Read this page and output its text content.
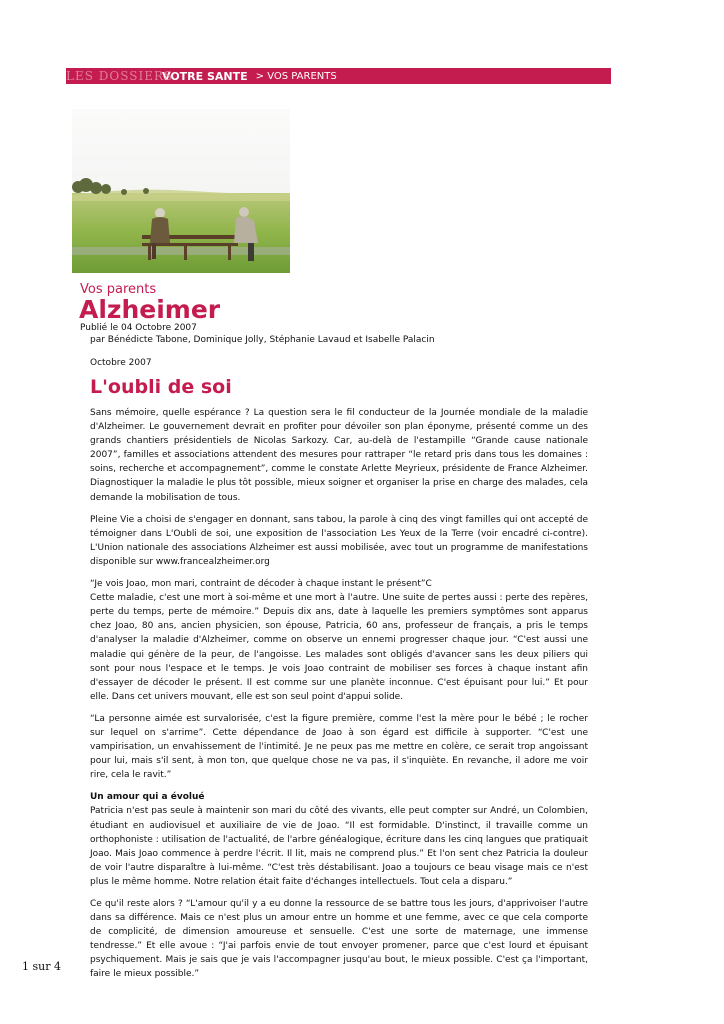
LES DOSSIERS
VOTRE SANTE > VOS PARENTS
Vos parents
Alzheimer
Publié le 04 Octobre 2007
par Bénédicte Tabone, Dominique Jolly, Stéphanie Lavaud et Isabelle Palacin
Octobre 2007
L'oubli de soi

Sans mémoire, quelle espérance ? La question sera le fil conducteur de la Journée mondiale de la maladie d'Alzheimer. Le gouvernement devrait en profiter pour dévoiler son plan éponyme, présenté comme un des grands chantiers présidentiels de Nicolas Sarkozy. Car, au-delà de l'estampille “Grande cause nationale 2007”, familles et associations attendent des mesures pour rattraper “le retard pris dans tous les domaines : soins, recherche et accompagnement”, comme le constate Arlette Meyrieux, présidente de France Alzheimer. Diagnostiquer la maladie le plus tôt possible, mieux soigner et organiser la prise en charge des malades, cela demande la mobilisation de tous.

Pleine Vie a choisi de s'engager en donnant, sans tabou, la parole à cinq des vingt familles qui ont accepté de témoigner dans L'Oubli de soi, une exposition de l'association Les Yeux de la Terre (voir encadré ci-contre). L'Union nationale des associations Alzheimer est aussi mobilisée, avec tout un programme de manifestations disponible sur www.francealzheimer.org

“Je vois Joao, mon mari, contraint de décoder à chaque instant le présent”C

Cette maladie, c'est une mort à soi-même et une mort à l'autre. Une suite de pertes aussi : perte des repères, perte du temps, perte de mémoire.” Depuis dix ans, date à laquelle les premiers symptômes sont apparus chez Joao, 80 ans, ancien physicien, son épouse, Patricia, 60 ans, professeur de français, a pris le temps d'analyser la maladie d'Alzheimer, comme on observe un ennemi progresser chaque jour. “C'est aussi une maladie qui génère de la peur, de l'angoisse. Les malades sont obligés d'avancer sans les deux piliers qui sont pour nous l'espace et le temps. Je vois Joao contraint de mobiliser ses forces à chaque instant afin d'essayer de décoder le présent. Il est comme sur une planète inconnue. C'est épuisant pour lui.” Et pour elle. Dans cet univers mouvant, elle est son seul point d'appui solide.

“La personne aimée est survalorisée, c'est la figure première, comme l'est la mère pour le bébé ; le rocher sur lequel on s'arrime”. Cette dépendance de Joao à son égard est difficile à supporter. “C'est une vampirisation, un envahissement de l'intimité. Je ne peux pas me mettre en colère, ce serait trop angoissant pour lui, mais s'il sent, à mon ton, que quelque chose ne va pas, il s'inquiète. En revanche, il adore me voir rire, cela le ravit.”

Un amour qui a évolué

Patricia n'est pas seule à maintenir son mari du côté des vivants, elle peut compter sur André, un Colombien, étudiant en audiovisuel et auxiliaire de vie de Joao. “Il est formidable. D'instinct, il travaille comme un orthophoniste : utilisation de l'actualité, de l'arbre généalogique, écriture dans les cinq langues que pratiquait Joao. Mais Joao commence à perdre l'écrit. Il lit, mais ne comprend plus.” Et l'on sent chez Patricia la douleur de voir l'autre disparaître à lui-même. “C'est très déstabilisant. Joao a toujours ce beau visage mais ce n'est plus le même homme. Notre relation était faite d'échanges intellectuels. Tout cela a disparu.”

Ce qu'il reste alors ? “L'amour qu'il y a eu donne la ressource de se battre tous les jours, d'apprivoiser l'autre dans sa différence. Mais ce n'est plus un amour entre un homme et une femme, avec ce que cela comporte de complicité, de dimension amoureuse et sensuelle. C'est une sorte de maternage, une immense tendresse.” Et elle avoue : “J'ai parfois envie de tout envoyer promener, parce que c'est lourd et épuisant psychiquement. Mais je sais que je vais l'accompagner jusqu'au bout, le mieux possible. C'est ça l'important, faire le mieux possible.”

1 sur 4
